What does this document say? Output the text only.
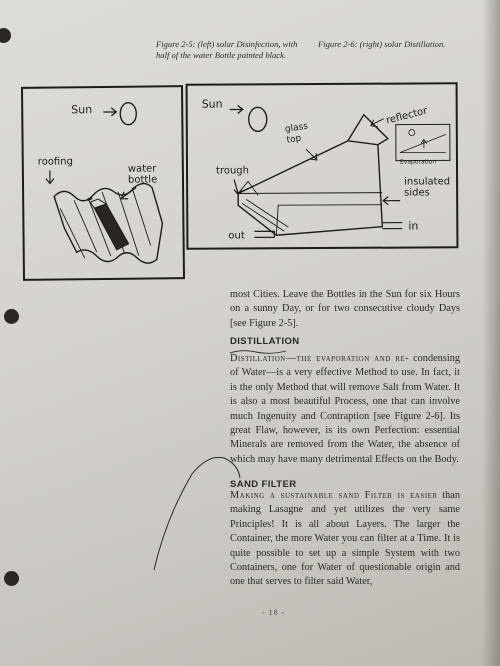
Figure 2-5: (left) solar Disinfection, with half of the water Bottle painted black.
Figure 2-6: (right) solar Distillation.
Sun
roofing
water
bottle
Sun
glass
top
reflector
Evaporation
trough
insulated
sides
out
in
most Cities. Leave the Bottles in the Sun for six Hours on a sunny Day, or for two consecutive cloudy Days [see Figure 2-5].
DISTILLATION
Distillation—the evaporation and re- condensing of Water—is a very effective Method to use. In fact, it is the only Method that will remove Salt from Water. It is also a most beautiful Process, one that can involve much Ingenuity and Contraption [see Figure 2-6]. Its great Flaw, however, is its own Perfection: essential Minerals are removed from the Water, the absence of which may have many detrimental Effects on the Body.
SAND FILTER
Making a sustainable sand Filter is easier than making Lasagne and yet utilizes the very same Principles! It is all about Layers. The larger the Container, the more Water you can filter at a Time. It is quite possible to set up a simple System with two Containers, one for Water of questionable origin and one that serves to filter said Water,
- 18 -
